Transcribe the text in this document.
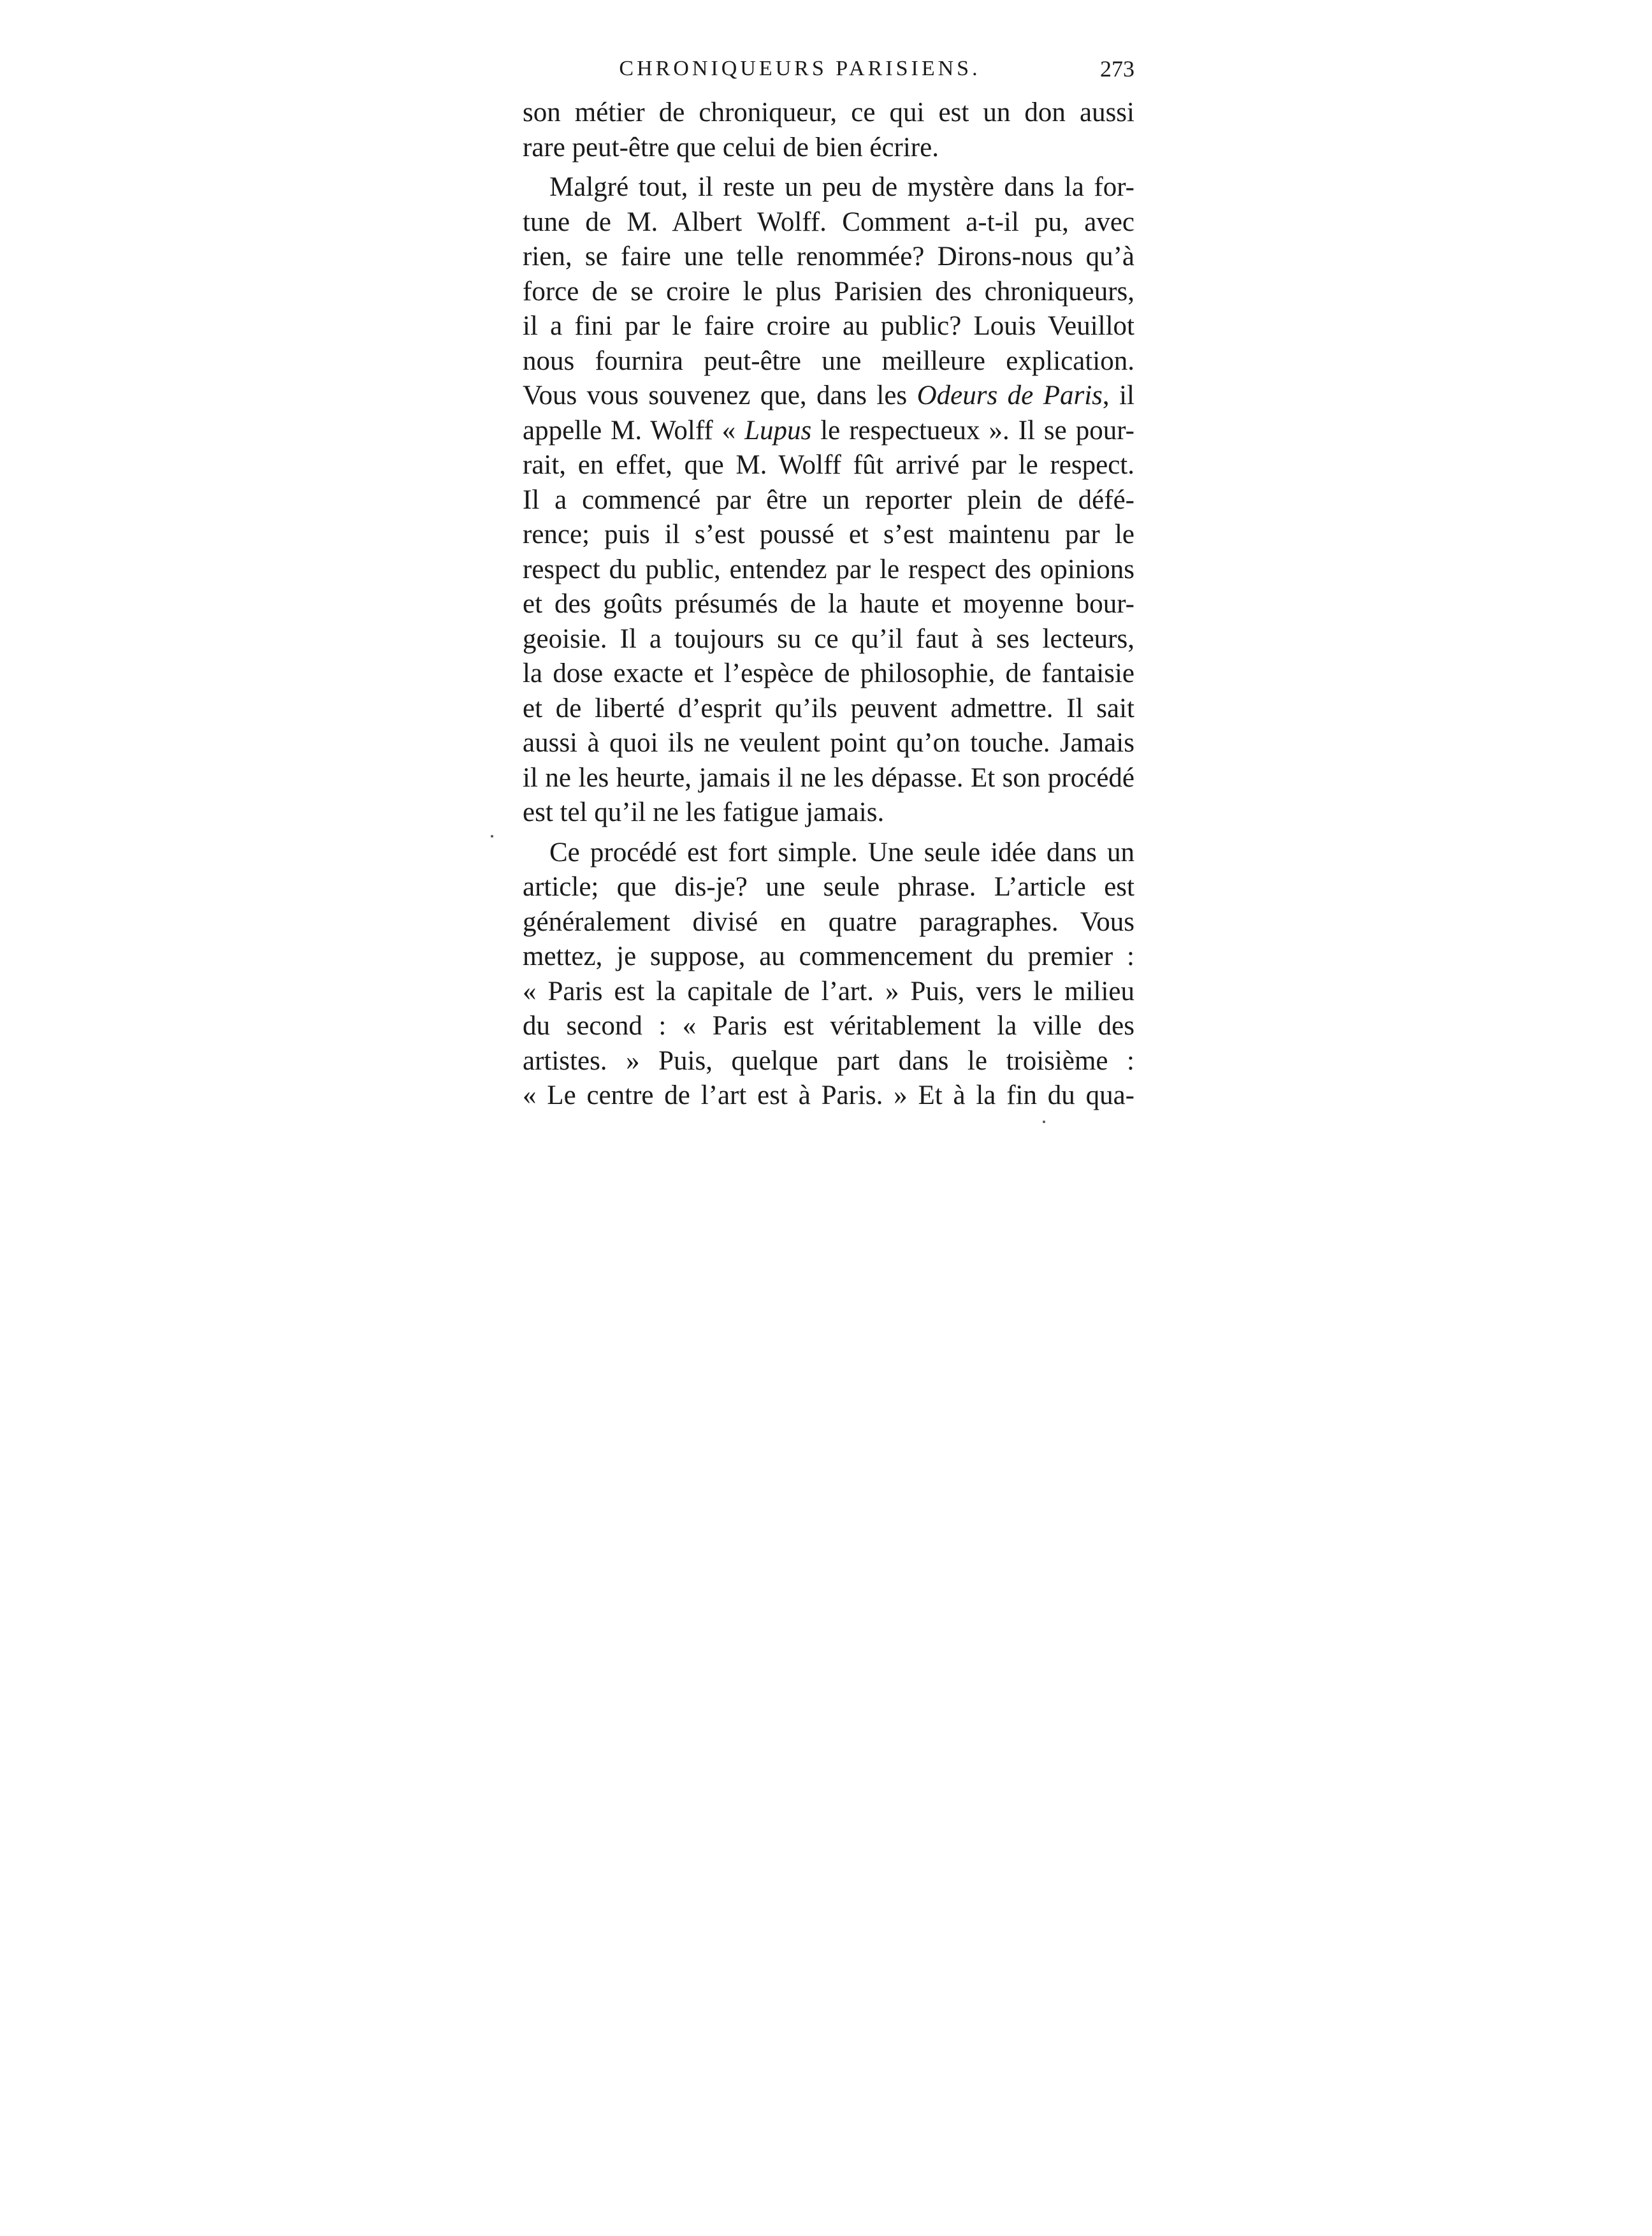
CHRONIQUEURS PARISIENS.	273
son métier de chroniqueur, ce qui est un don aussi
rare peut-être que celui de bien écrire.
Malgré tout, il reste un peu de mystère dans la for-
tune de M. Albert Wolff. Comment a-t-il pu, avec
rien, se faire une telle renommée? Dirons-nous qu’à
force de se croire le plus Parisien des chroniqueurs,
il a fini par le faire croire au public? Louis Veuillot
nous fournira peut-être une meilleure explication.
Vous vous souvenez que, dans les Odeurs de Paris, il
appelle M. Wolff « Lupus le respectueux ». Il se pour-
rait, en effet, que M. Wolff fût arrivé par le respect.
Il a commencé par être un reporter plein de défé-
rence; puis il s’est poussé et s’est maintenu par le
respect du public, entendez par le respect des opinions
et des goûts présumés de la haute et moyenne bour-
geoisie. Il a toujours su ce qu’il faut à ses lecteurs,
la dose exacte et l’espèce de philosophie, de fantaisie
et de liberté d’esprit qu’ils peuvent admettre. Il sait
aussi à quoi ils ne veulent point qu’on touche. Jamais
il ne les heurte, jamais il ne les dépasse. Et son procédé
est tel qu’il ne les fatigue jamais.
Ce procédé est fort simple. Une seule idée dans un
article; que dis-je? une seule phrase. L’article est
généralement divisé en quatre paragraphes. Vous
mettez, je suppose, au commencement du premier :
« Paris est la capitale de l’art. » Puis, vers le milieu
du second : « Paris est véritablement la ville des
artistes. » Puis, quelque part dans le troisième :
« Le centre de l’art est à Paris. » Et à la fin du qua-
